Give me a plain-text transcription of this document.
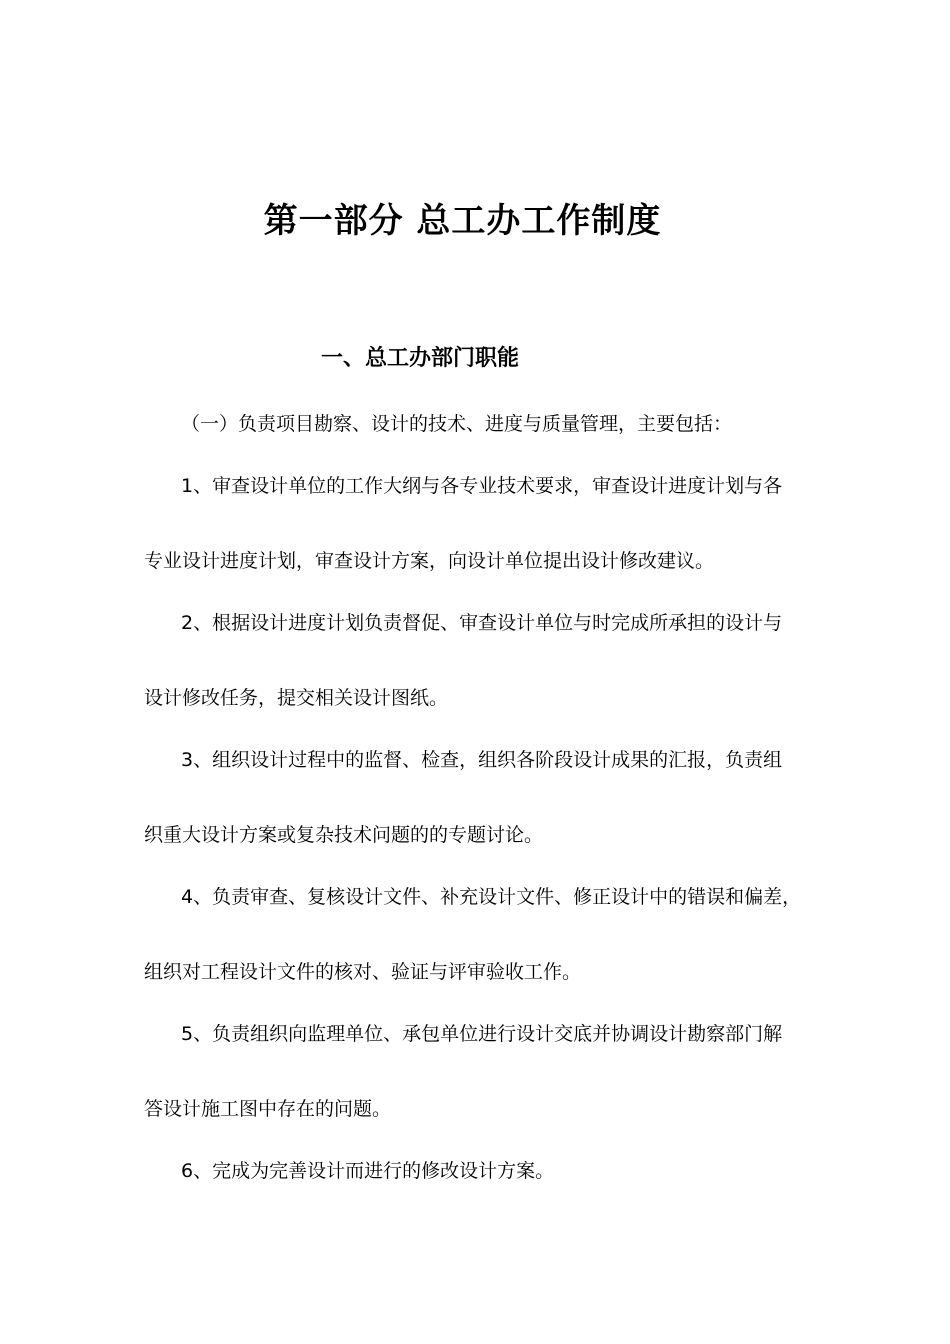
第一部分 总工办工作制度
一、总工办部门职能
（一）负责项目勘察、设计的技术、进度与质量管理，主要包括：
1、审查设计单位的工作大纲与各专业技术要求，审查设计进度计划与各
专业设计进度计划，审查设计方案，向设计单位提出设计修改建议。
2、根据设计进度计划负责督促、审查设计单位与时完成所承担的设计与
设计修改任务，提交相关设计图纸。
3、组织设计过程中的监督、检查，组织各阶段设计成果的汇报，负责组
织重大设计方案或复杂技术问题的的专题讨论。
4、负责审查、复核设计文件、补充设计文件、修正设计中的错误和偏差，
组织对工程设计文件的核对、验证与评审验收工作。
5、负责组织向监理单位、承包单位进行设计交底并协调设计勘察部门解
答设计施工图中存在的问题。
6、完成为完善设计而进行的修改设计方案。
